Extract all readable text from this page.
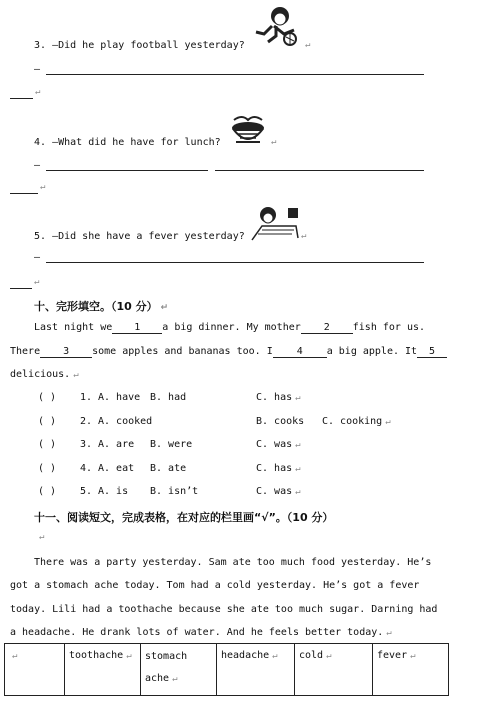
3. —Did he play football yesterday?	↵
—
↵
4. —What did he have for lunch?	↵
—
↵
5. —Did she have a fever yesterday?	↵
—
↵
十、完形填空。（10 分） ↵
Last night we 1 a big dinner. My mother 2 fish for us.
There 3 some apples and bananas too. I 4 a big apple. It 5
delicious. ↵
( ) 1. A. have B. had	C. has ↵
( ) 2. A. cooked	B. cooks C. cooking ↵
( ) 3. A. are B. were	C. was ↵
( ) 4. A. eat B. ate	C. has ↵
( ) 5. A. is B. isn’t	C. was ↵
十一、阅读短文，完成表格，在对应的栏里画“√”。（10 分）
↵
There was a party yesterday. Sam ate too much food yesterday. He’s
got a stomach ache today. Tom had a cold yesterday. He’s got a fever
today. Lili had a toothache because she ate too much sugar. Darning had
a headache. He drank lots of water. And he feels better today. ↵
↵	toothache ↵	stomach ache ↵	headache ↵	cold ↵	fever ↵
